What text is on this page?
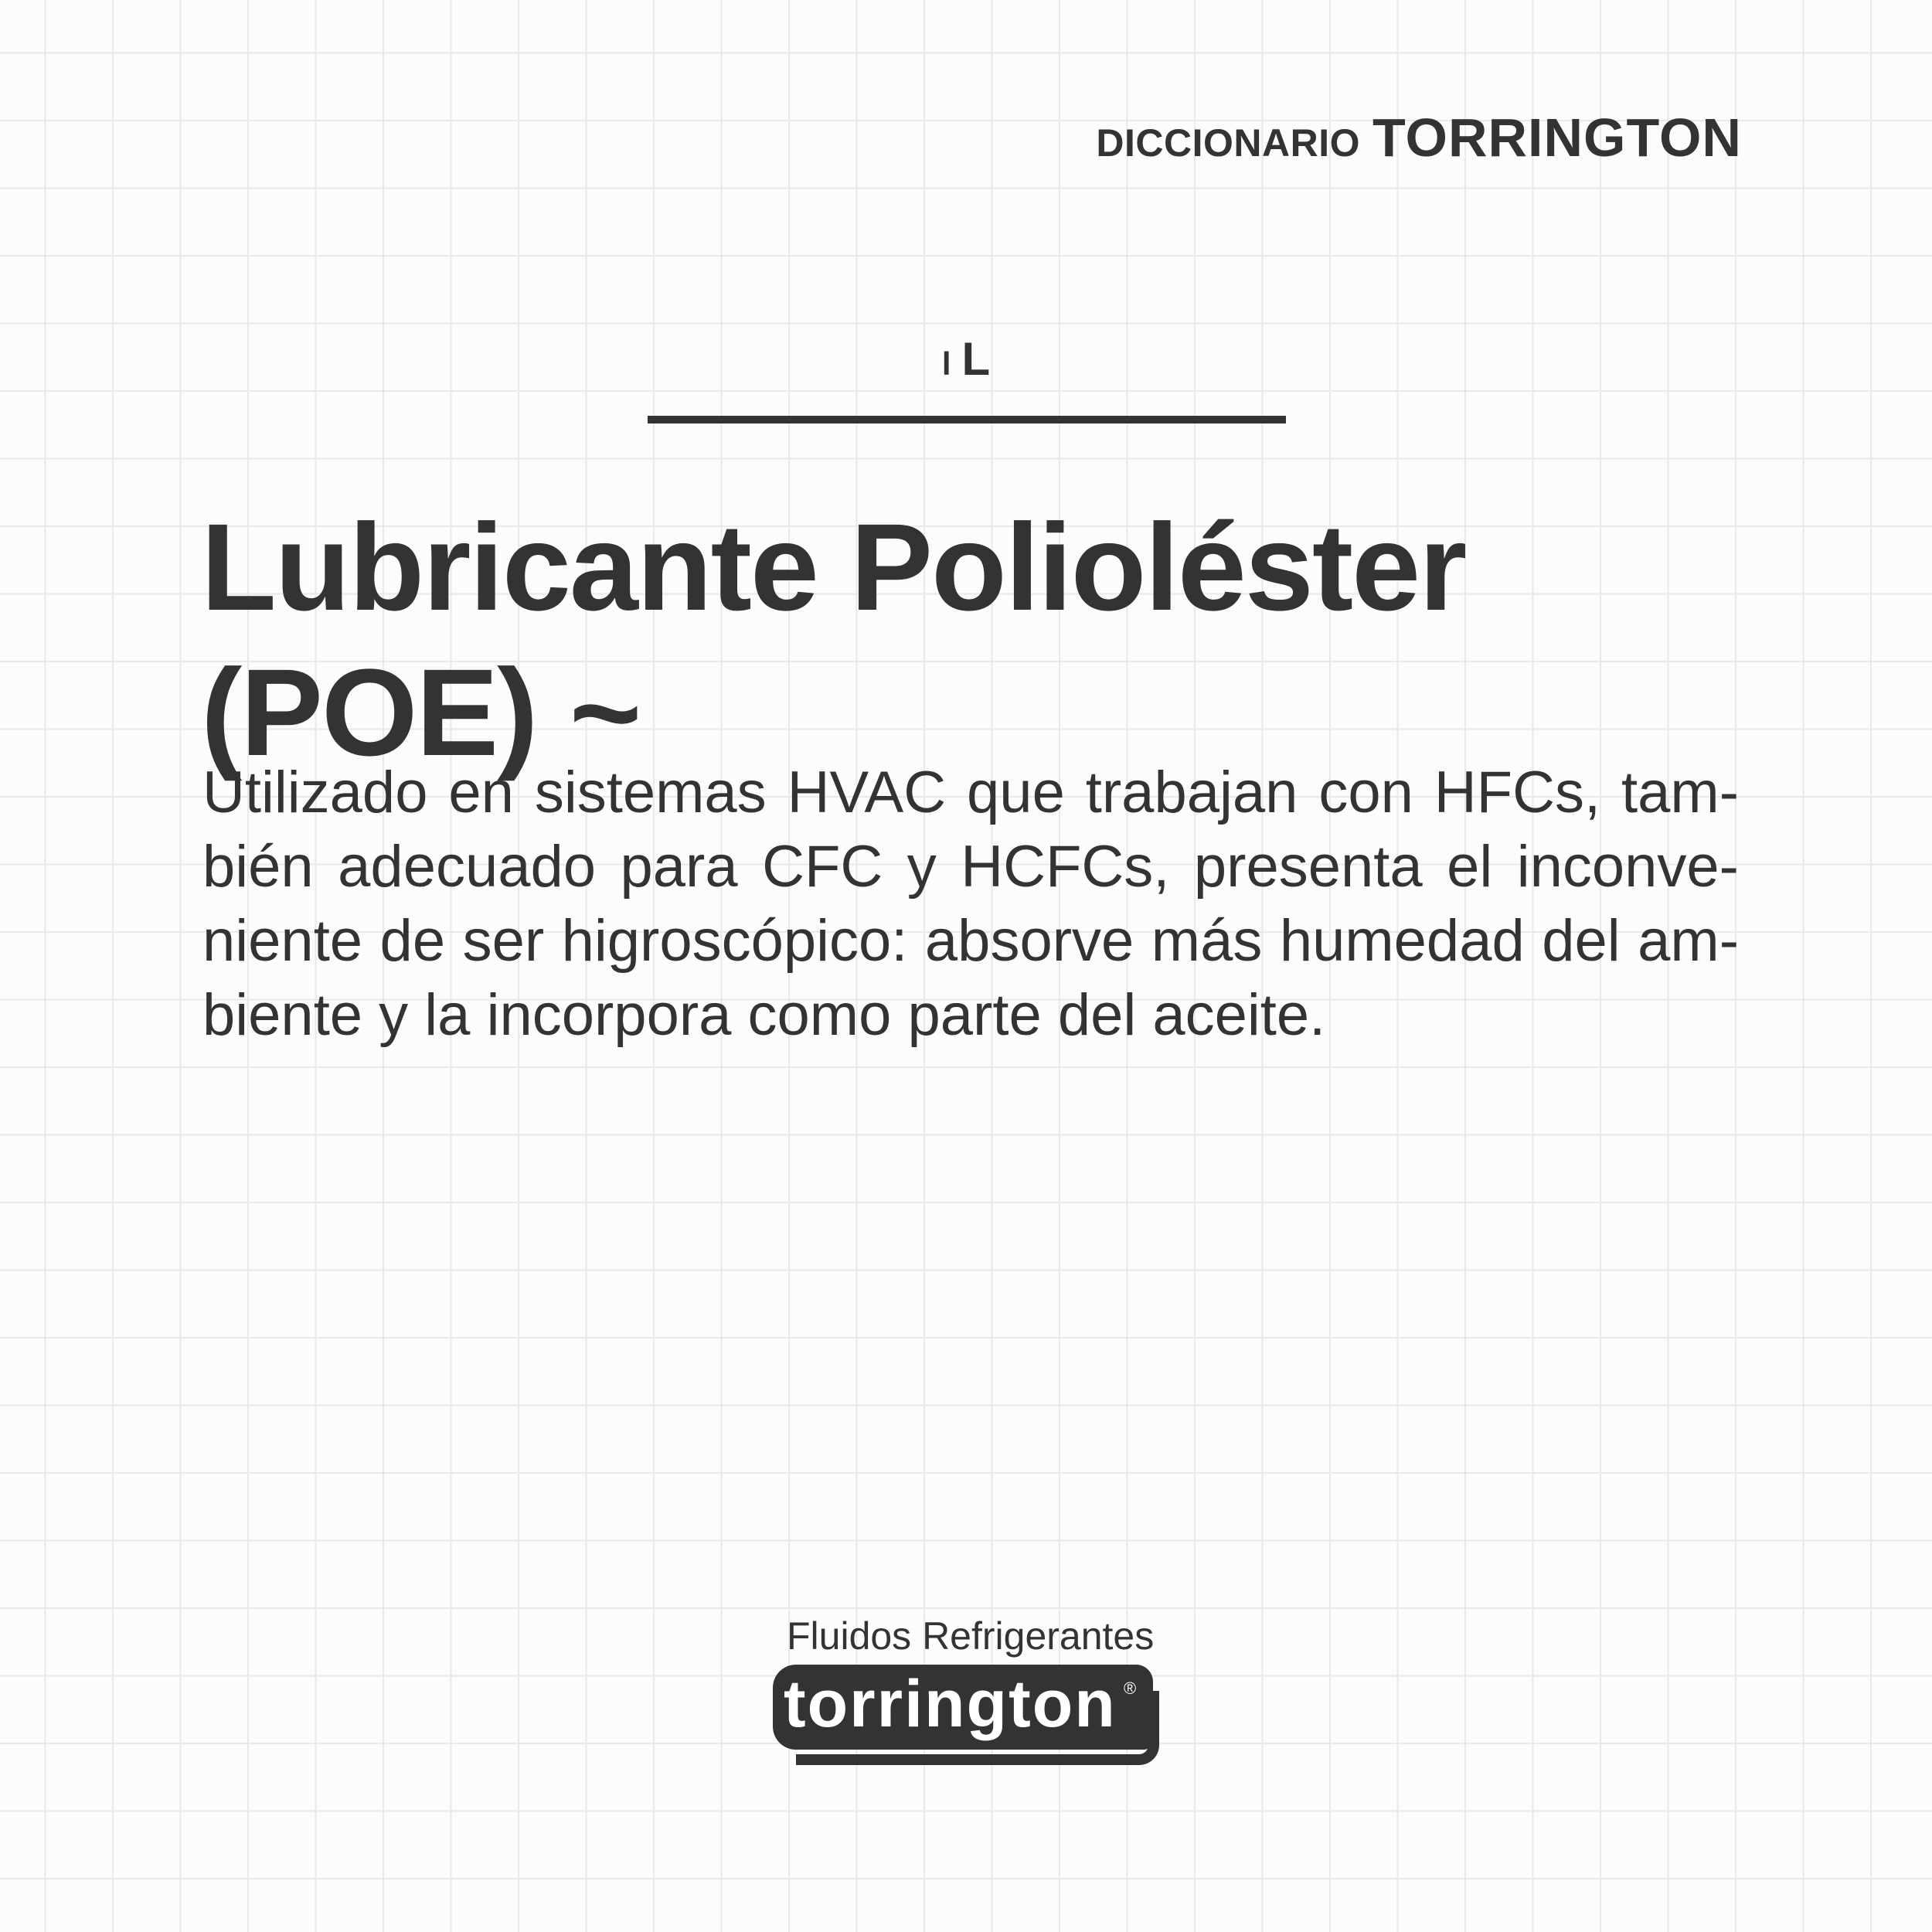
DICCIONARIO TORRINGTON
l L
Lubricante Polioléster
(POE) ~

Utilizado en sistemas HVAC que trabajan con HFCs, tam-bién adecuado para CFC y HCFCs, presenta el inconve-niente de ser higroscópico: absorve más humedad del am-biente y la incorpora como parte del aceite.

Fluidos Refrigerantes
torrington ®
